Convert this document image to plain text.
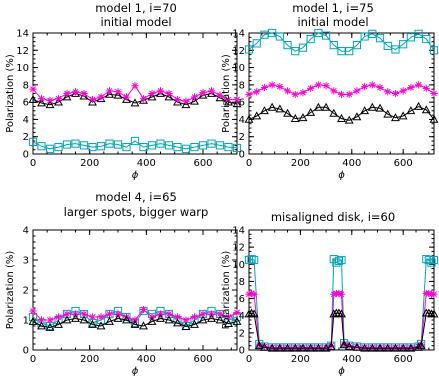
model 1, i=70
initial model
0	200	400	600
0
2
4
6
8
10
12
14
ϕ
Polarization (%)
model 1, i=75
initial model
0	200	400	600
0
2
4
6
8
10
12
14
ϕ
Polarization (%)
model 4, i=65
larger spots, bigger warp
0	200	400	600
0
1
2
3
4
ϕ
Polarization (%)
misaligned disk, i=60
0	200	400	600
0
2
4
6
8
10
12
14
ϕ
Polarization (%)
